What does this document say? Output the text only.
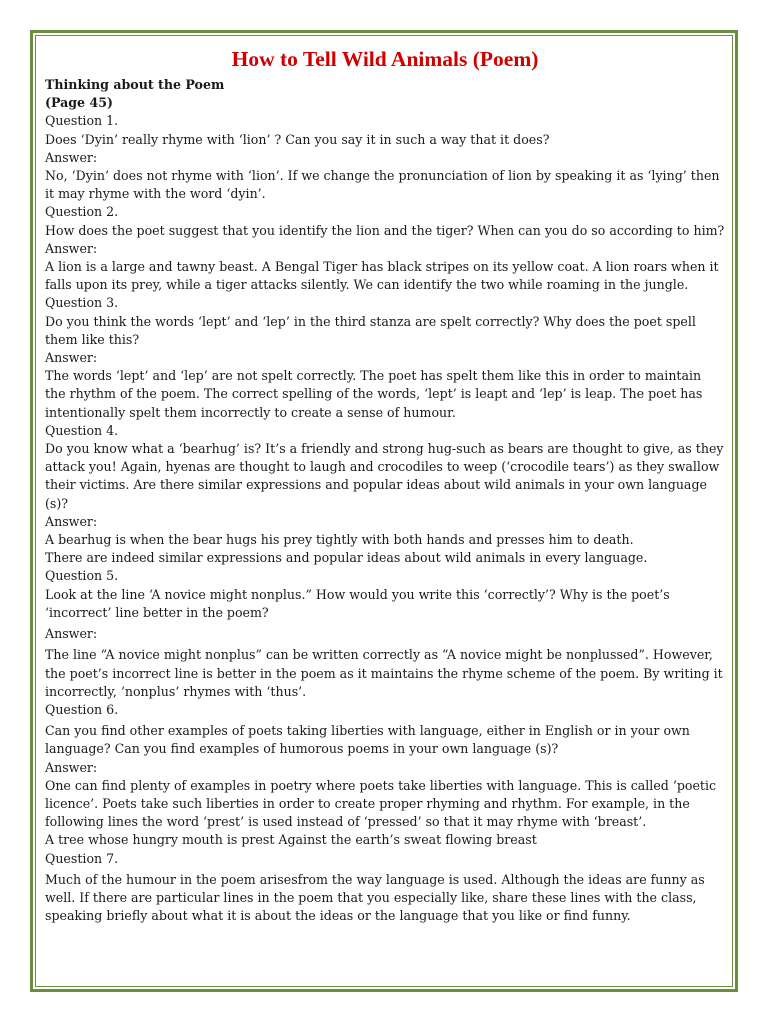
How to Tell Wild Animals (Poem)

Thinking about the Poem

(Page 45)

Question 1.

Does ‘Dyin’ really rhyme with ‘lion’ ? Can you say it in such a way that it does?

Answer:

No, ‘Dyin’ does not rhyme with ‘lion’. If we change the pronunciation of lion by speaking it as ‘lying’ then it may rhyme with the word ‘dyin’.

Question 2.

How does the poet suggest that you identify the lion and the tiger? When can you do so according to him?

Answer:

A lion is a large and tawny beast. A Bengal Tiger has black stripes on its yellow coat. A lion roars when it falls upon its prey, while a tiger attacks silently. We can identify the two while roaming in the jungle.

Question 3.

Do you think the words ‘lept’ and ‘lep’ in the third stanza are spelt correctly? Why does the poet spell them like this?

Answer:

The words ‘lept’ and ‘lep’ are not spelt correctly. The poet has spelt them like this in order to maintain the rhythm of the poem. The correct spelling of the words, ‘lept’ is leapt and ‘lep’ is leap. The poet has intentionally spelt them incorrectly to create a sense of humour.

Question 4.

Do you know what a ‘bearhug’ is? It’s a friendly and strong hug-such as bears are thought to give, as they attack you! Again, hyenas are thought to laugh and crocodiles to weep (‘crocodile tears’) as they swallow their victims. Are there similar expressions and popular ideas about wild animals in your own language (s)?

Answer:

A bearhug is when the bear hugs his prey tightly with both hands and presses him to death.

There are indeed similar expressions and popular ideas about wild animals in every language.

Question 5.

Look at the line ‘A novice might nonplus.” How would you write this ‘correctly’? Why is the poet’s ‘incorrect’ line better in the poem?

Answer:

The line “A novice might nonplus” can be written correctly as “A novice might be nonplussed”. However, the poet’s incorrect line is better in the poem as it maintains the rhyme scheme of the poem. By writing it incorrectly, ‘nonplus’ rhymes with ‘thus’.

Question 6.

Can you find other examples of poets taking liberties with language, either in English or in your own language? Can you find examples of humorous poems in your own language (s)?

Answer:

One can find plenty of examples in poetry where poets take liberties with language. This is called ‘poetic licence’. Poets take such liberties in order to create proper rhyming and rhythm. For example, in the following lines the word ‘prest’ is used instead of ‘pressed’ so that it may rhyme with ‘breast’.

A tree whose hungry mouth is prest Against the earth’s sweat flowing breast

Question 7.

Much of the humour in the poem arisesfrom the way language is used. Although the ideas are funny as well. If there are particular lines in the poem that you especially like, share these lines with the class, speaking briefly about what it is about the ideas or the language that you like or find funny.
